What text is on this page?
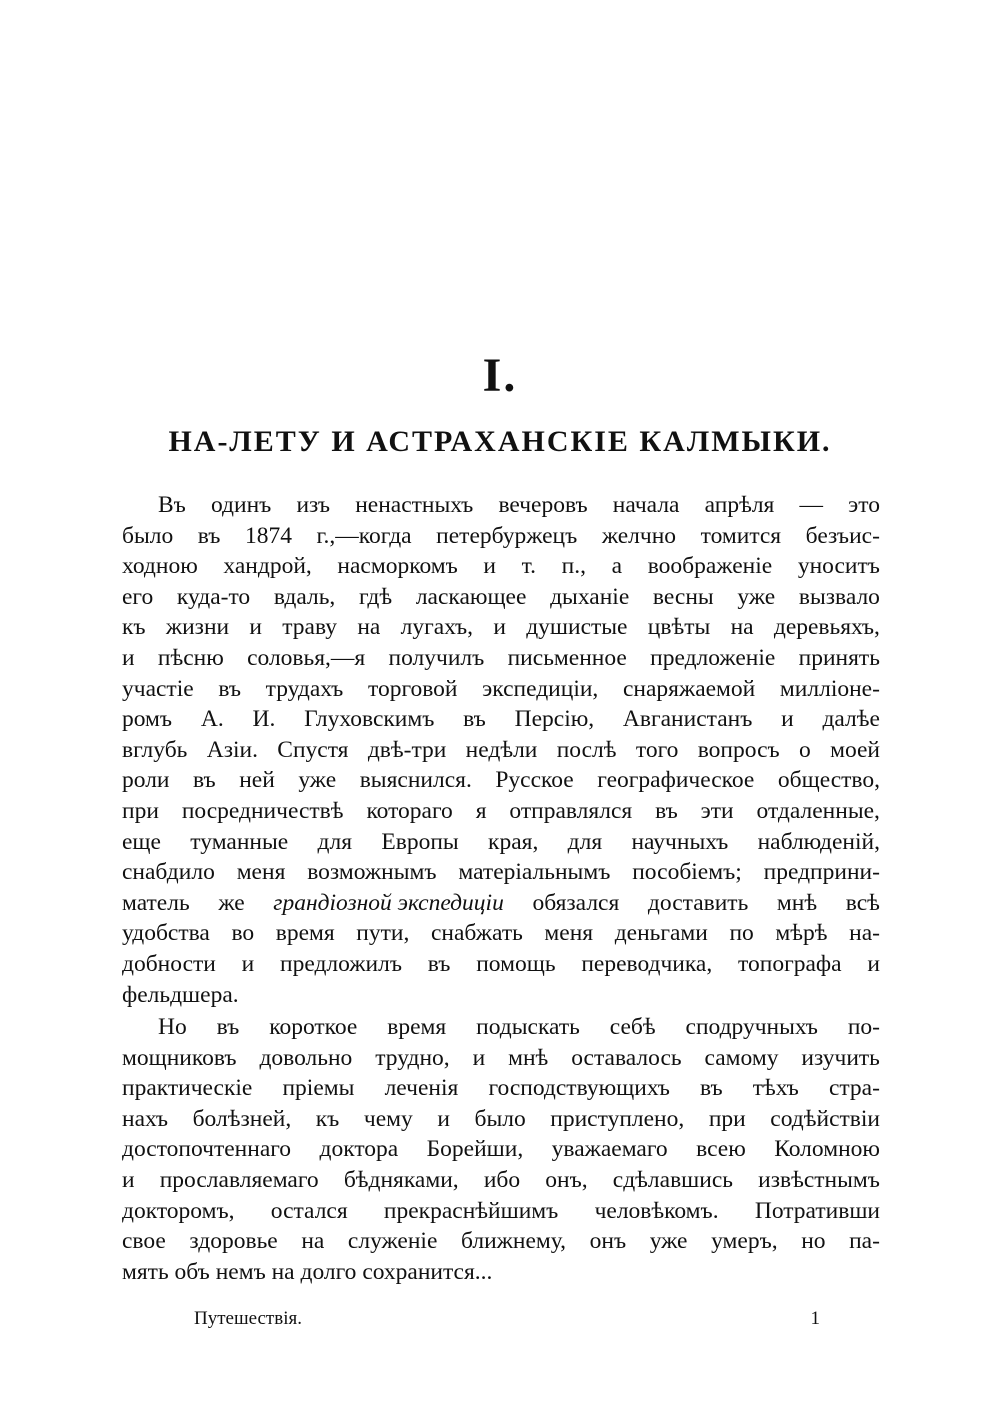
I.
НА-ЛЕТУ И АСТРАХАНСКІЕ КАЛМЫКИ.
Въ одинъ изъ ненастныхъ вечеровъ начала апрѣля — это
было въ 1874 г.,—когда петербуржецъ желчно томится безъис-
ходною хандрой, насморкомъ и т. п., а воображеніе уноситъ
его куда-то вдаль, гдѣ ласкающее дыханіе весны уже вызвало
къ жизни и траву на лугахъ, и душистые цвѣты на деревьяхъ,
и пѣсню соловья,—я получилъ письменное предложеніе принять
участіе въ трудахъ торговой экспедиціи, снаряжаемой милліоне-
ромъ А. И. Глуховскимъ въ Персію, Авганистанъ и далѣе
вглубь Азіи. Спустя двѣ-три недѣли послѣ того вопросъ о моей
роли въ ней уже выяснился. Русское географическое общество,
при посредничествѣ котораго я отправлялся въ эти отдаленные,
еще туманные для Европы края, для научныхъ наблюденій,
снабдило меня возможнымъ матеріальнымъ пособіемъ; предприни-
матель же грандіозной экспедиціи обязался доставить мнѣ всѣ
удобства во время пути, снабжать меня деньгами по мѣрѣ на-
добности и предложилъ въ помощь переводчика, топографа и
фельдшера.
Но въ короткое время подыскать себѣ сподручныхъ по-
мощниковъ довольно трудно, и мнѣ оставалось самому изучить
практическіе пріемы леченія господствующихъ въ тѣхъ стра-
нахъ болѣзней, къ чему и было приступлено, при содѣйствіи
достопочтеннаго доктора Борейши, уважаемаго всею Коломною
и прославляемаго бѣдняками, ибо онъ, сдѣлавшись извѣстнымъ
докторомъ, остался прекраснѣйшимъ человѣкомъ. Потративши
свое здоровье на служеніе ближнему, онъ уже умеръ, но па-
мять объ немъ на долго сохранится...
Путешествія.	1
